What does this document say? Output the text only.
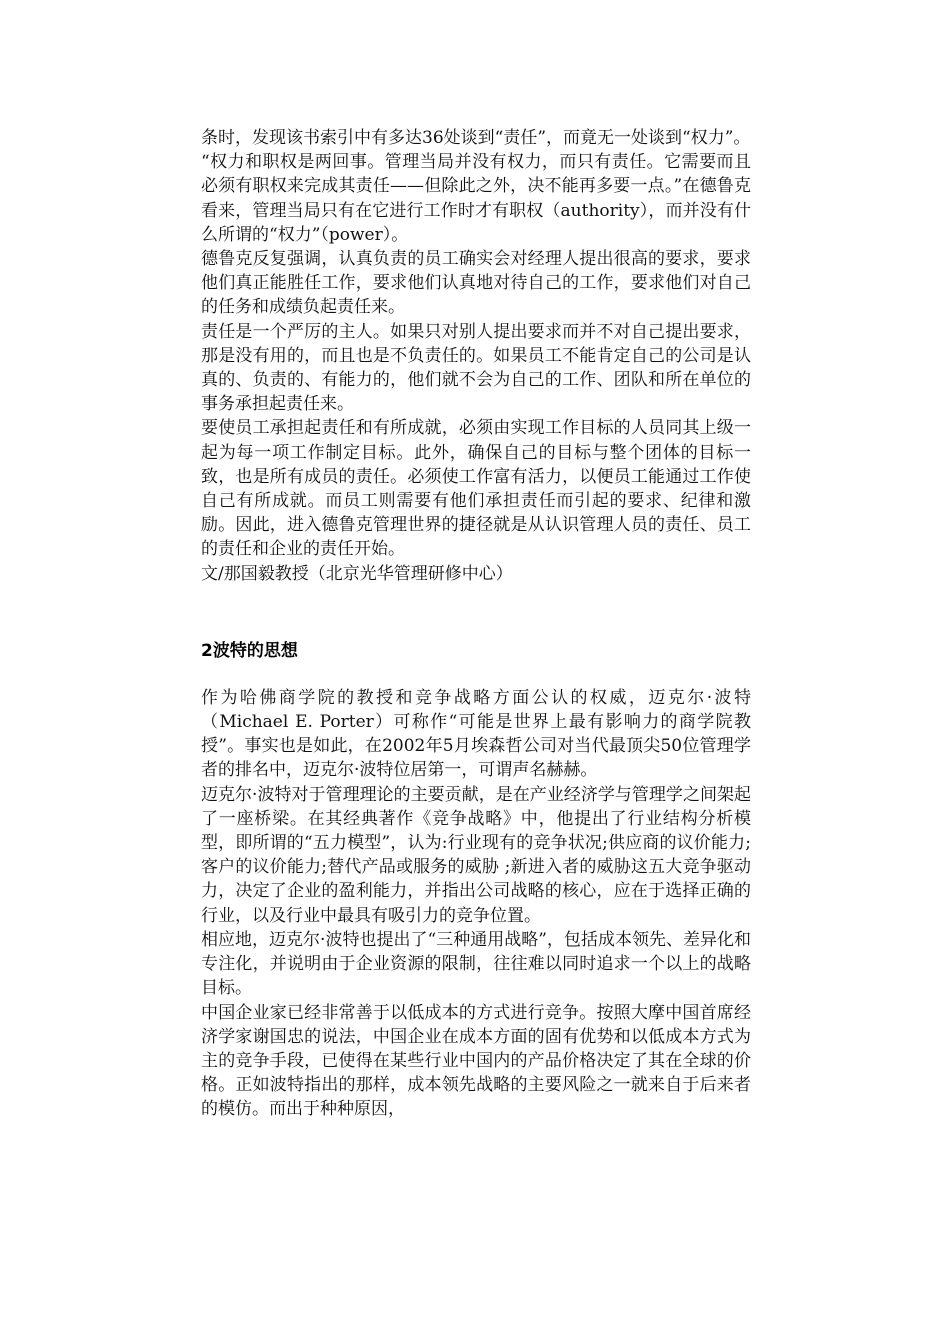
条时，发现该书索引中有多达36处谈到“责任”，而竟无一处谈到“权力”。

“权力和职权是两回事。管理当局并没有权力，而只有责任。它需要而且必须有职权来完成其责任——但除此之外，决不能再多要一点。”在德鲁克看来，管理当局只有在它进行工作时才有职权（authority），而并没有什么所谓的“权力”（power）。

德鲁克反复强调，认真负责的员工确实会对经理人提出很高的要求，要求他们真正能胜任工作，要求他们认真地对待自己的工作，要求他们对自己的任务和成绩负起责任来。

责任是一个严厉的主人。如果只对别人提出要求而并不对自己提出要求，那是没有用的，而且也是不负责任的。如果员工不能肯定自己的公司是认真的、负责的、有能力的，他们就不会为自己的工作、团队和所在单位的事务承担起责任来。

要使员工承担起责任和有所成就，必须由实现工作目标的人员同其上级一起为每一项工作制定目标。此外，确保自己的目标与整个团体的目标一致，也是所有成员的责任。必须使工作富有活力，以便员工能通过工作使自己有所成就。而员工则需要有他们承担责任而引起的要求、纪律和激励。因此，进入德鲁克管理世界的捷径就是从认识管理人员的责任、员工的责任和企业的责任开始。

文/那国毅教授（北京光华管理研修中心）

2波特的思想

作为哈佛商学院的教授和竞争战略方面公认的权威，迈克尔·波特（Michael E. Porter）可称作“可能是世界上最有影响力的商学院教授”。事实也是如此，在2002年5月埃森哲公司对当代最顶尖50位管理学者的排名中，迈克尔·波特位居第一，可谓声名赫赫。

迈克尔·波特对于管理理论的主要贡献，是在产业经济学与管理学之间架起了一座桥梁。在其经典著作《竞争战略》中，他提出了行业结构分析模型，即所谓的“五力模型”，认为:行业现有的竞争状况;供应商的议价能力;客户的议价能力;替代产品或服务的威胁 ;新进入者的威胁这五大竞争驱动力，决定了企业的盈利能力，并指出公司战略的核心，应在于选择正确的行业，以及行业中最具有吸引力的竞争位置。

相应地，迈克尔·波特也提出了“三种通用战略”，包括成本领先、差异化和专注化，并说明由于企业资源的限制，往往难以同时追求一个以上的战略目标。

中国企业家已经非常善于以低成本的方式进行竞争。按照大摩中国首席经济学家谢国忠的说法，中国企业在成本方面的固有优势和以低成本方式为主的竞争手段，已使得在某些行业中国内的产品价格决定了其在全球的价格。正如波特指出的那样，成本领先战略的主要风险之一就来自于后来者的模仿。而出于种种原因，
